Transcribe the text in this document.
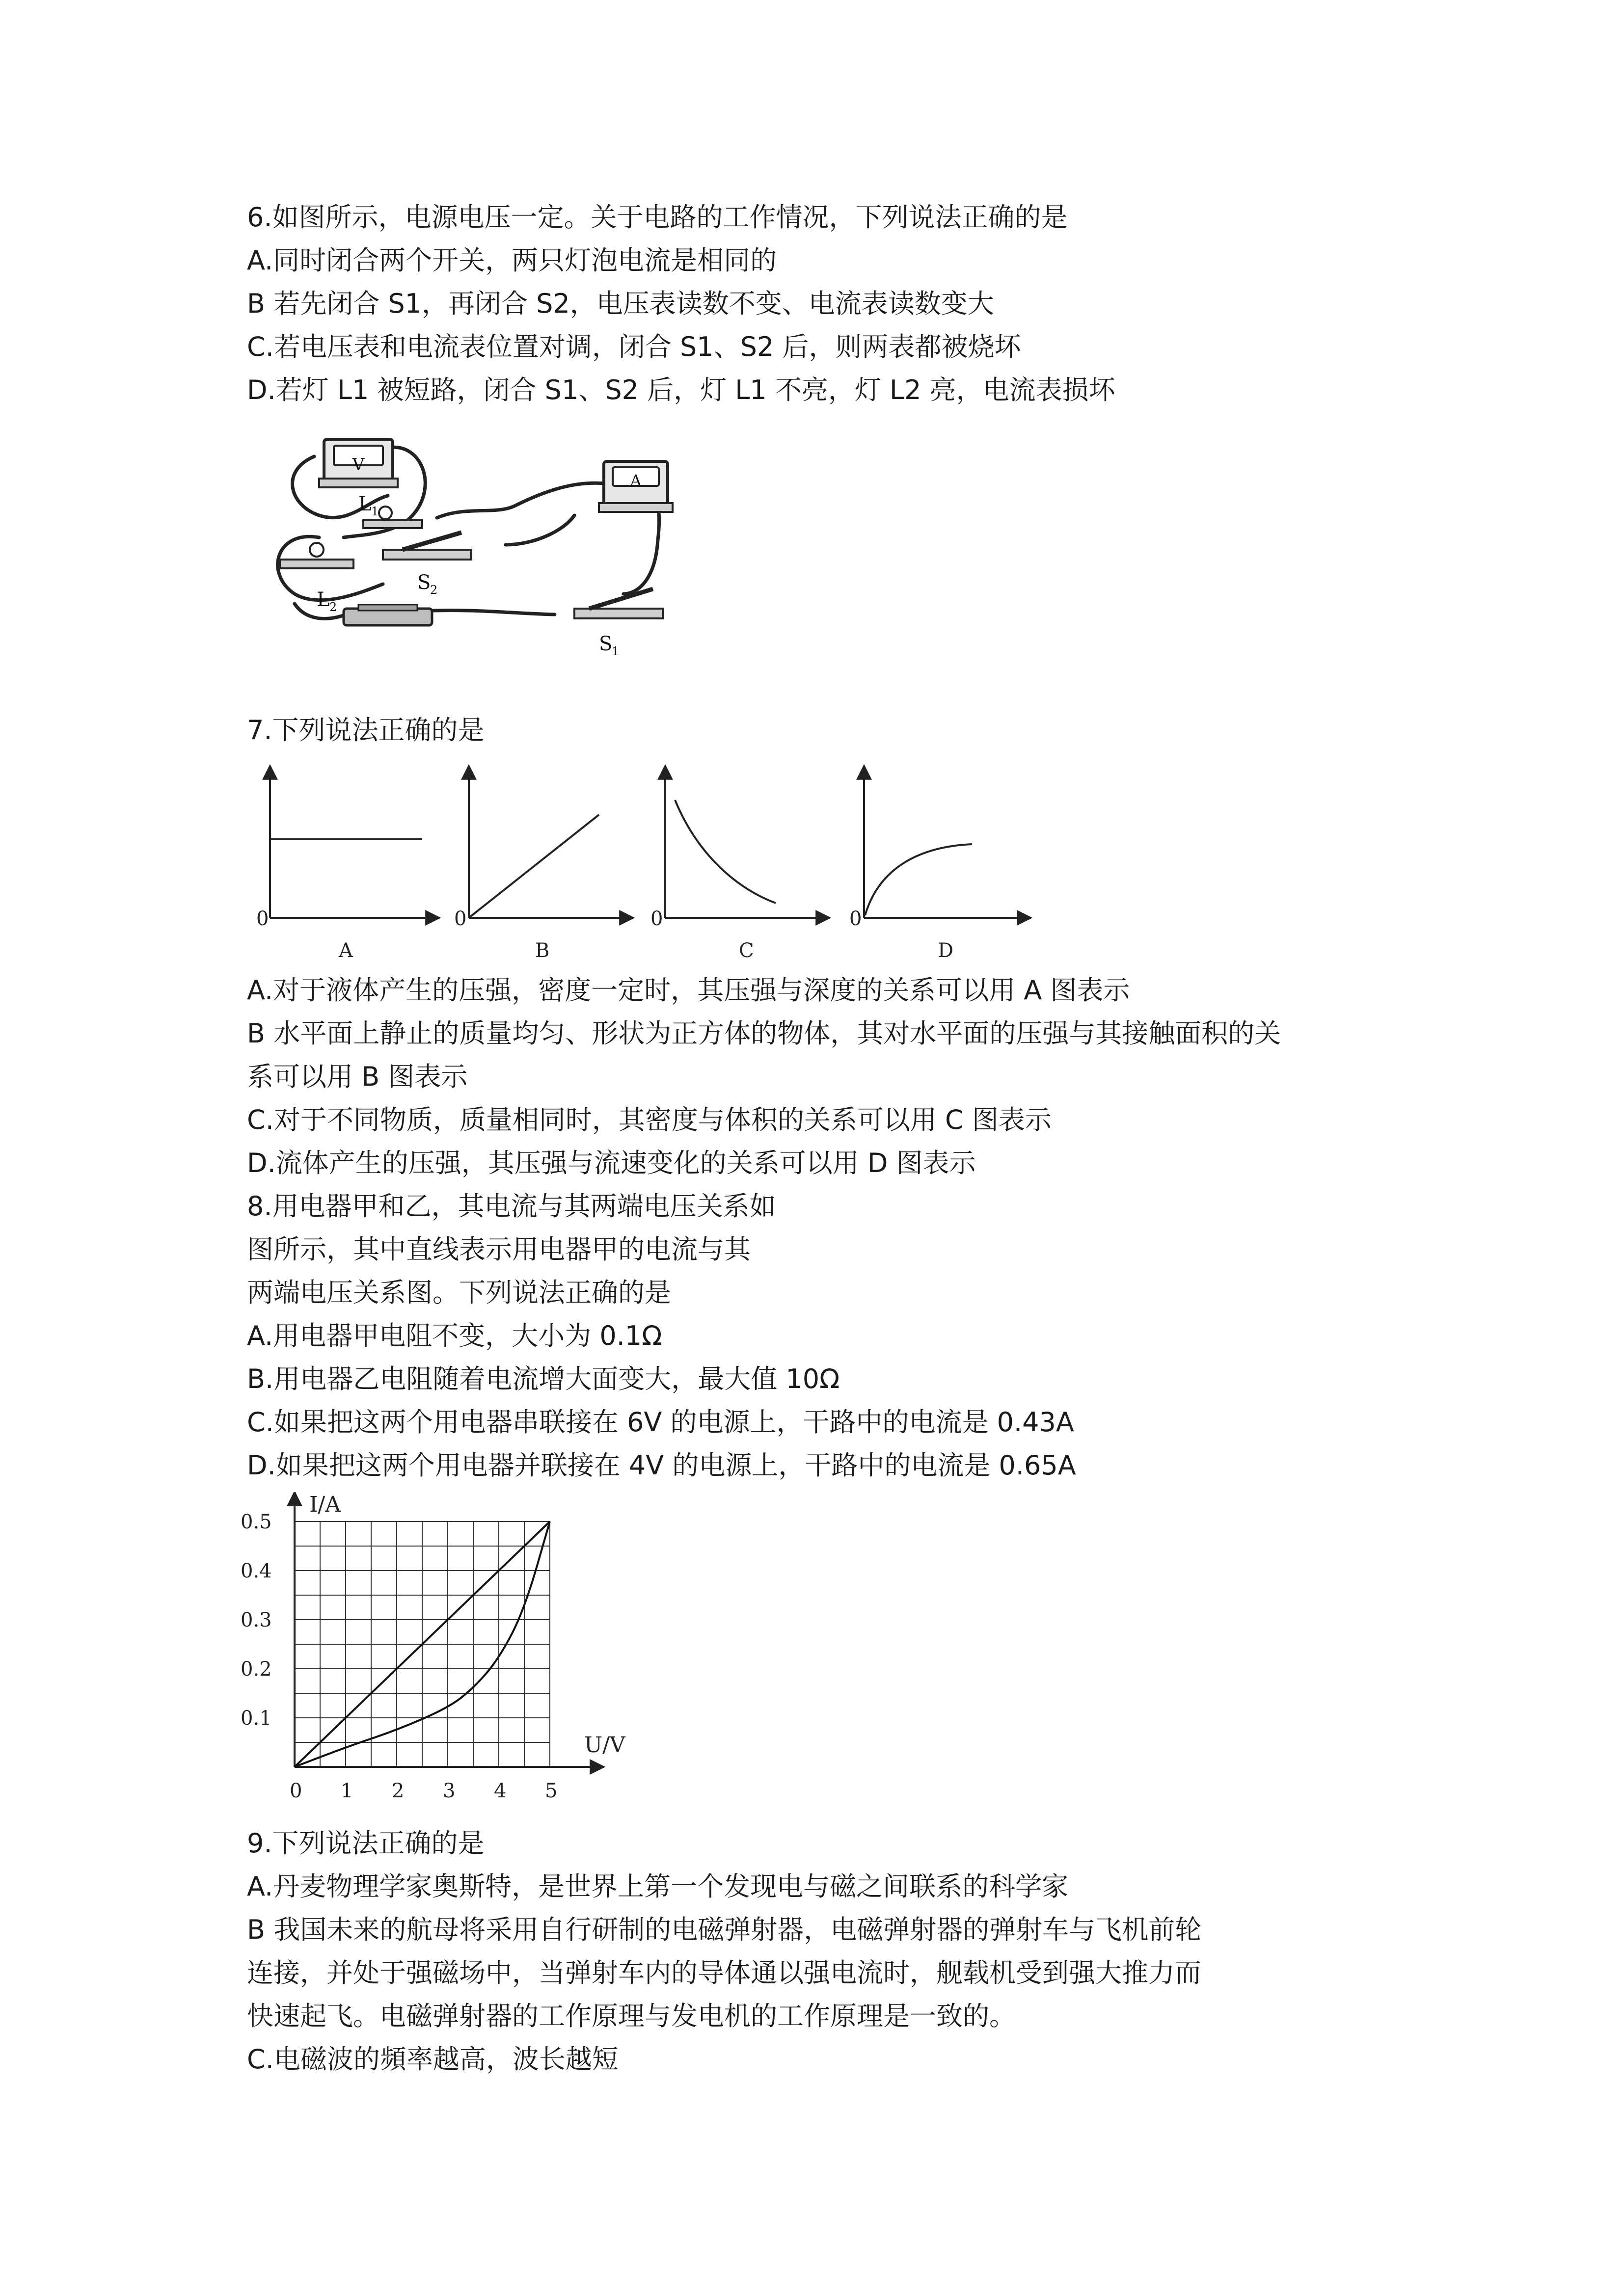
6.如图所示，电源电压一定。关于电路的工作情况，下列说法正确的是
A.同时闭合两个开关，两只灯泡电流是相同的
B 若先闭合 S1，再闭合 S2，电压表读数不变、电流表读数变大
C.若电压表和电流表位置对调，闭合 S1、S2 后，则两表都被烧坏
D.若灯 L1 被短路，闭合 S1、S2 后，灯 L1 不亮，灯 L2 亮，电流表损坏
V
L 1
A
S
2
L 2
S
1
7.下列说法正确的是
0
A
0
B
0
C
0
D
A.对于液体产生的压强，密度一定时，其压强与深度的关系可以用 A 图表示
B 水平面上静止的质量均匀、形状为正方体的物体，其对水平面的压强与其接触面积的关
系可以用 B 图表示
C.对于不同物质，质量相同时，其密度与体积的关系可以用 C 图表示
D.流体产生的压强，其压强与流速变化的关系可以用 D 图表示
8.用电器甲和乙，其电流与其两端电压关系如
图所示，其中直线表示用电器甲的电流与其
两端电压关系图。下列说法正确的是
A.用电器甲电阻不变，大小为 0.1Ω
B.用电器乙电阻随着电流增大面变大，最大值 10Ω
C.如果把这两个用电器串联接在 6V 的电源上，干路中的电流是 0.43A
D.如果把这两个用电器并联接在 4V 的电源上，干路中的电流是 0.65A
0 1 2 3 4 5
0.1
0.2
0.3
0.4
0.5
U/V
I/A
9.下列说法正确的是
A.丹麦物理学家奥斯特，是世界上第一个发现电与磁之间联系的科学家
B 我国未来的航母将采用自行研制的电磁弹射器，电磁弹射器的弹射车与飞机前轮
连接，并处于强磁场中，当弹射车内的导体通以强电流时，舰载机受到强大推力而
快速起飞。电磁弹射器的工作原理与发电机的工作原理是一致的。
C.电磁波的頻率越高，波长越短
